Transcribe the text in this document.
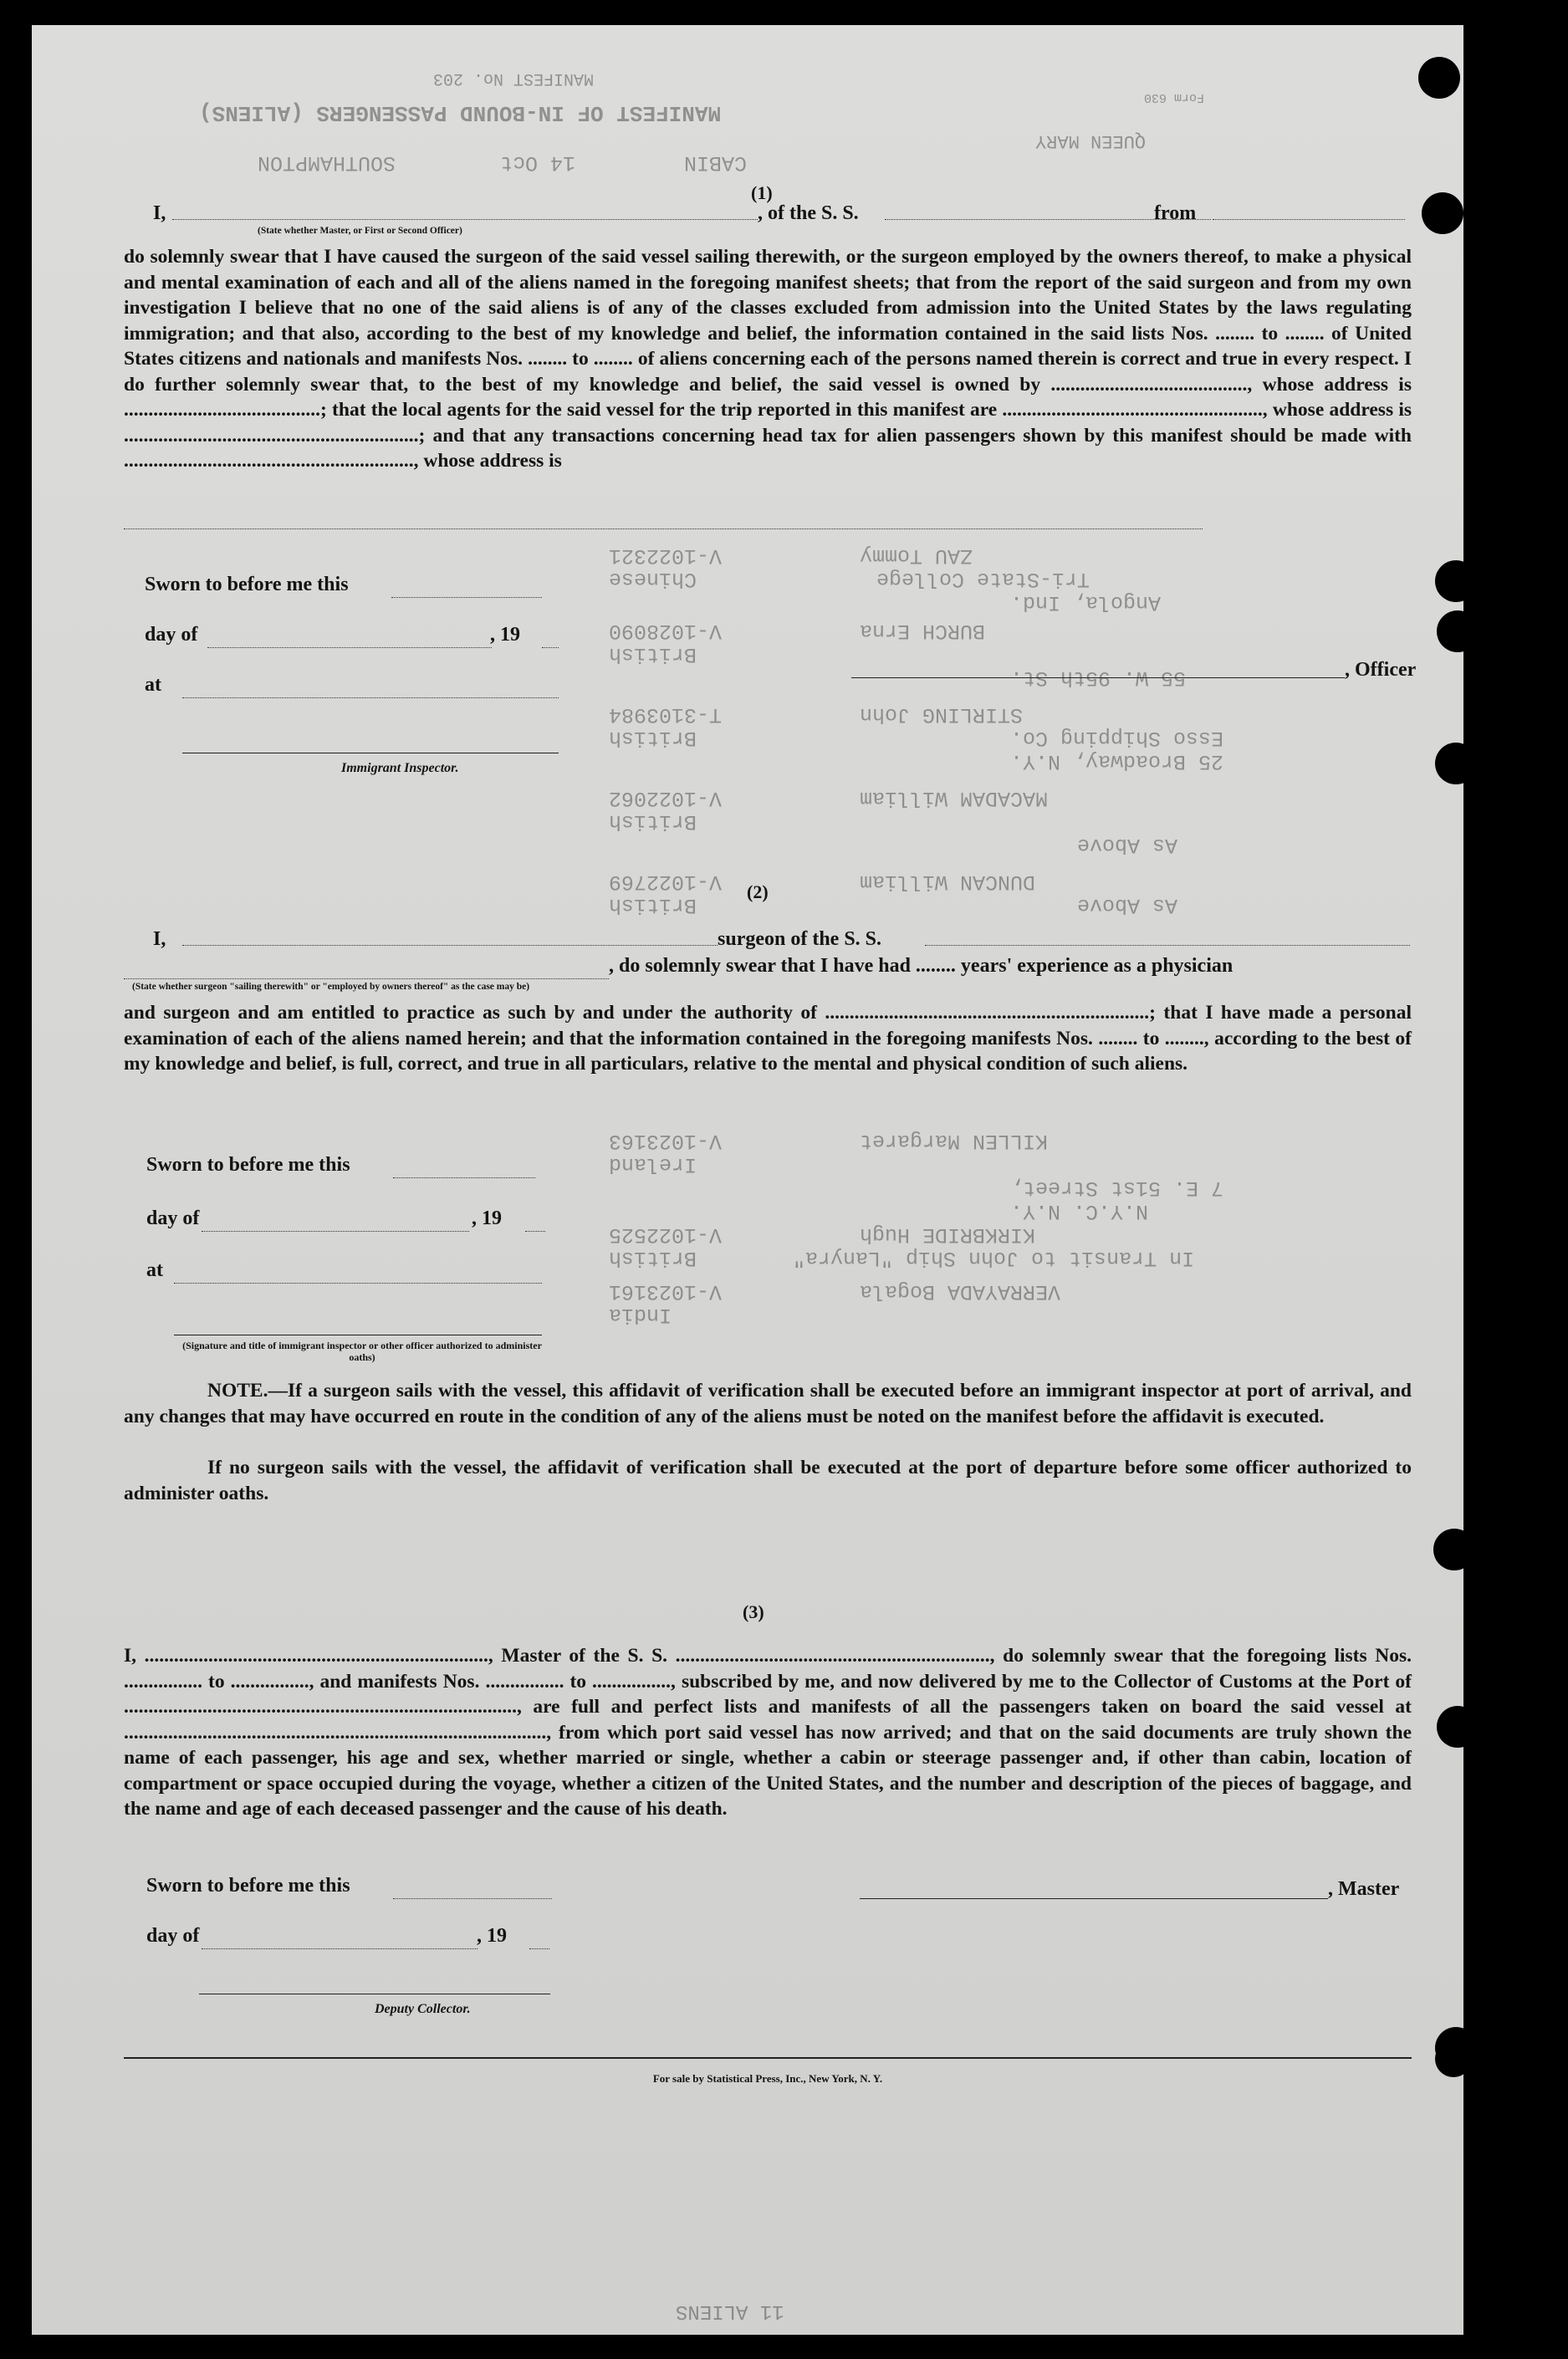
MANIFEST No. 203
MANIFEST OF IN-BOUND PASSENGERS (ALIENS)
SOUTHAMPTON	14 Oct	CABIN
QUEEN MARY
Form 630
(1)
I,
(State whether Master, or First or Second Officer)
, of the S. S.	from
do solemnly swear that I have caused the surgeon of the said vessel sailing therewith, or the surgeon employed by the owners thereof, to make a physical and mental examination of each and all of the aliens named in the foregoing manifest sheets; that from the report of the said surgeon and from my own investigation I believe that no one of the said aliens is of any of the classes excluded from admission into the United States by the laws regulating immigration; and that also, according to the best of my knowledge and belief, the information contained in the said lists Nos. ........ to ........ of United States citizens and nationals and manifests Nos. ........ to ........ of aliens concerning each of the persons named therein is correct and true in every respect. I do further solemnly swear that, to the best of my knowledge and belief, the said vessel is owned by ........................................, whose address is ........................................; that the local agents for the said vessel for the trip reported in this manifest are ....................................................., whose address is ............................................................; and that any transactions concerning head tax for alien passengers shown by this manifest should be made with ..........................................................., whose address is
V-1022321	ZAU Tommy
Chinese	Tri-State College
Angola, Ind.
V-1028090	BURCH Erna
British
55 W. 95th St.
T-3103984	STIRLING John
British	Esso Shipping Co.
25 Broadway, N.Y.
V-1022062	MACADAM William
British
As Above
V-1022769	DUNCAN William
British	As Above
Sworn to before me this
day of	, 19
at
Immigrant Inspector.
, Officer
(2)
I,	surgeon of the S. S.
, do solemnly swear that I have had ........ years' experience as a physician
(State whether surgeon "sailing therewith" or "employed by owners thereof" as the case may be)
and surgeon and am entitled to practice as such by and under the authority of ..................................................................; that I have made a personal examination of each of the aliens named herein; and that the information contained in the foregoing manifests Nos. ........ to ........, according to the best of my knowledge and belief, is full, correct, and true in all particulars, relative to the mental and physical condition of such aliens.
V-1023163	KILLEN Margaret
Ireland
7 E. 51st Street,
N.Y.C. N.Y.
V-1022525	KIRKBRIDE Hugh
British	In Transit to John Ship "Lanyra"
V-1023161	VERRAYADA Bogala
India
Sworn to before me this
day of	, 19
at
(Signature and title of immigrant inspector or other officer authorized to administer oaths)
NOTE.—If a surgeon sails with the vessel, this affidavit of verification shall be executed before an immigrant inspector at port of arrival, and any changes that may have occurred en route in the condition of any of the aliens must be noted on the manifest before the affidavit is executed.
If no surgeon sails with the vessel, the affidavit of verification shall be executed at the port of departure before some officer authorized to administer oaths.
(3)
I, ......................................................................, Master of the S. S. ................................................................, do solemnly swear that the foregoing lists Nos. ................ to ................, and manifests Nos. ................ to ................, subscribed by me, and now delivered by me to the Collector of Customs at the Port of ................................................................................, are full and perfect lists and manifests of all the passengers taken on board the said vessel at ......................................................................................, from which port said vessel has now arrived; and that on the said documents are truly shown the name of each passenger, his age and sex, whether married or single, whether a cabin or steerage passenger and, if other than cabin, location of compartment or space occupied during the voyage, whether a citizen of the United States, and the number and description of the pieces of baggage, and the name and age of each deceased passenger and the cause of his death.
Sworn to before me this
day of	, 19
Deputy Collector.
, Master
For sale by Statistical Press, Inc., New York, N. Y.
11 ALIENS
